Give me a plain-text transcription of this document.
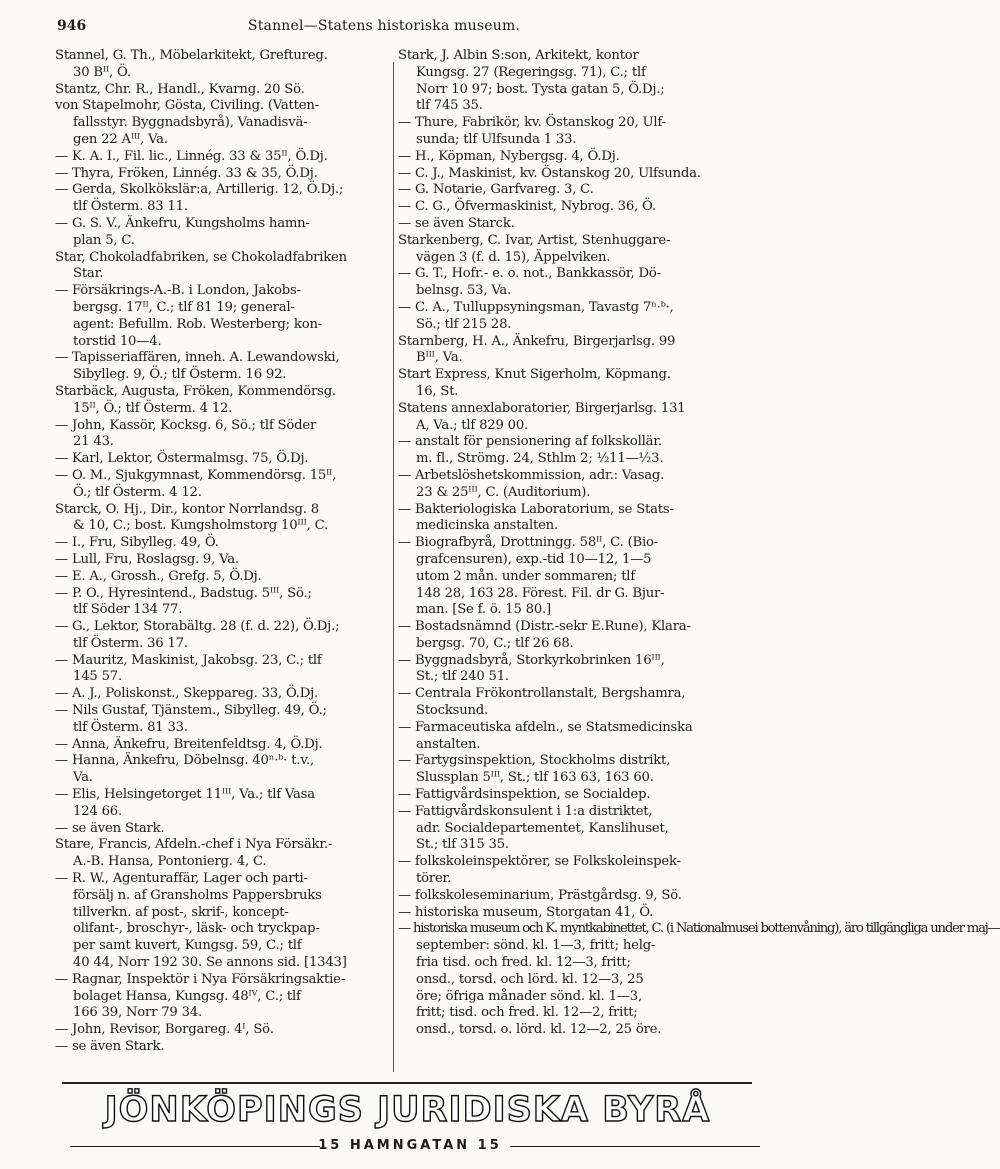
946	Stannel—Statens historiska museum.

Stannel, G. Th., Möbelarkitekt, Greftureg.

30 Bᴵᴵ, Ö.

Stantz, Chr. R., Handl., Kvarng. 20 Sö.

von Stapelmohr, Gösta, Civiling. (Vatten-

fallsstyr. Byggnadsbyrå), Vanadisvä-

gen 22 Aᴵᴵᴵ, Va.

— K. A. I., Fil. lic., Linnég. 33 & 35ᴵᴵ, Ö.Dj.

— Thyra, Fröken, Linnég. 33 & 35, Ö.Dj.

— Gerda, Skolkökslär:a, Artillerig. 12, Ö.Dj.;

tlf Österm. 83 11.

— G. S. V., Änkefru, Kungsholms hamn-

plan 5, C.

Star, Chokoladfabriken, se Chokoladfabriken

Star.

— Försäkrings-A.-B. i London, Jakobs-

bergsg. 17ᴵᴵ, C.; tlf 81 19; general-

agent: Befullm. Rob. Westerberg; kon-

torstid 10—4.

— Tapisseriaffären, inneh. A. Lewandowski,

Sibylleg. 9, Ö.; tlf Österm. 16 92.

Starbäck, Augusta, Fröken, Kommendörsg.

15ᴵᴵ, Ö.; tlf Österm. 4 12.

— John, Kassör, Kocksg. 6, Sö.; tlf Söder

21 43.

— Karl, Lektor, Östermalmsg. 75, Ö.Dj.

— O. M., Sjukgymnast, Kommendörsg. 15ᴵᴵ,

Ö.; tlf Österm. 4 12.

Starck, O. Hj., Dir., kontor Norrlandsg. 8

& 10, C.; bost. Kungsholmstorg 10ᴵᴵᴵ, C.

— I., Fru, Sibylleg. 49, Ö.

— Lull, Fru, Roslagsg. 9, Va.

— E. A., Grossh., Grefg. 5, Ö.Dj.

— P. O., Hyresintend., Badstug. 5ᴵᴵᴵ, Sö.;

tlf Söder 134 77.

— G., Lektor, Storabältg. 28 (f. d. 22), Ö.Dj.;

tlf Österm. 36 17.

— Mauritz, Maskinist, Jakobsg. 23, C.; tlf

145 57.

— A. J., Poliskonst., Skeppareg. 33, Ö.Dj.

— Nils Gustaf, Tjänstem., Sibylleg. 49, Ö.;

tlf Österm. 81 33.

— Anna, Änkefru, Breitenfeldtsg. 4, Ö.Dj.

— Hanna, Änkefru, Döbelnsg. 40ⁿ·ᵇ· t.v.,

Va.

— Elis, Helsingetorget 11ᴵᴵᴵ, Va.; tlf Vasa

124 66.

— se även Stark.

Stare, Francis, Afdeln.-chef i Nya Försäkr.-

A.-B. Hansa, Pontonierg. 4, C.

— R. W., Agenturaffär, Lager och parti-

försälj n. af Gransholms Pappersbruks

tillverkn. af post-, skrif-, koncept-

olifant-, broschyr-, läsk- och tryckpap-

per samt kuvert, Kungsg. 59, C.; tlf

40 44, Norr 192 30. Se annons sid. [1343]

— Ragnar, Inspektör i Nya Försäkringsaktie-

bolaget Hansa, Kungsg. 48ᴵⱽ, C.; tlf

166 39, Norr 79 34.

— John, Revisor, Borgareg. 4ᴵ, Sö.

— se även Stark.

Stark, J. Albin S:son, Arkitekt, kontor

Kungsg. 27 (Regeringsg. 71), C.; tlf

Norr 10 97; bost. Tysta gatan 5, Ö.Dj.;

tlf 745 35.

— Thure, Fabrikör, kv. Östanskog 20, Ulf-

sunda; tlf Ulfsunda 1 33.

— H., Köpman, Nybergsg. 4, Ö.Dj.

— C. J., Maskinist, kv. Östanskog 20, Ulfsunda.

— G. Notarie, Garfvareg. 3, C.

— C. G., Öfvermaskinist, Nybrog. 36, Ö.

— se även Starck.

Starkenberg, C. Ivar, Artist, Stenhuggare-

vägen 3 (f. d. 15), Äppelviken.

— G. T., Hofr.- e. o. not., Bankkassör, Dö-

belnsg. 53, Va.

— C. A., Tulluppsyningsman, Tavastg 7ⁿ·ᵇ·,

Sö.; tlf 215 28.

Starnberg, H. A., Änkefru, Birgerjarlsg. 99

Bᴵᴵᴵ, Va.

Start Express, Knut Sigerholm, Köpmang.

16, St.

Statens annexlaboratorier, Birgerjarlsg. 131

A, Va.; tlf 829 00.

— anstalt för pensionering af folkskollär.

m. fl., Strömg. 24, Sthlm 2; ½11—½3.

— Arbetslöshetskommission, adr.: Vasag.

23 & 25ᴵᴵᴵ, C. (Auditorium).

— Bakteriologiska Laboratorium, se Stats-

medicinska anstalten.

— Biografbyrå, Drottningg. 58ᴵᴵ, C. (Bio-

grafcensuren), exp.-tid 10—12, 1—5

utom 2 mån. under sommaren; tlf

148 28, 163 28. Förest. Fil. dr G. Bjur-

man. [Se f. ö. 15 80.]

— Bostadsnämnd (Distr.-sekr E.Rune), Klara-

bergsg. 70, C.; tlf 26 68.

— Byggnadsbyrå, Storkyrkobrinken 16ᴵᴵᴵ,

St.; tlf 240 51.

— Centrala Frökontrollanstalt, Bergshamra,

Stocksund.

— Farmaceutiska afdeln., se Statsmedicinska

anstalten.

— Fartygsinspektion, Stockholms distrikt,

Slussplan 5ᴵᴵᴵ, St.; tlf 163 63, 163 60.

— Fattigvårdsinspektion, se Socialdep.

— Fattigvårdskonsulent i 1:a distriktet,

adr. Socialdepartementet, Kanslihuset,

St.; tlf 315 35.

— folkskoleinspektörer, se Folkskoleinspek-

törer.

— folkskoleseminarium, Prästgårdsg. 9, Sö.

— historiska museum, Storgatan 41, Ö.

— historiska museum och K. myntkabinettet, C. (i Nationalmusei bottenvåning), äro tillgängliga under maj—

september: sönd. kl. 1—3, fritt; helg-

fria tisd. och fred. kl. 12—3, fritt;

onsd., torsd. och lörd. kl. 12—3, 25

öre; öfriga månader sönd. kl. 1—3,

fritt; tisd. och fred. kl. 12—2, fritt;

onsd., torsd. o. lörd. kl. 12—2, 25 öre.

JÖNKÖPINGS JURIDISKA BYRÅ
15 HAMNGATAN 15
